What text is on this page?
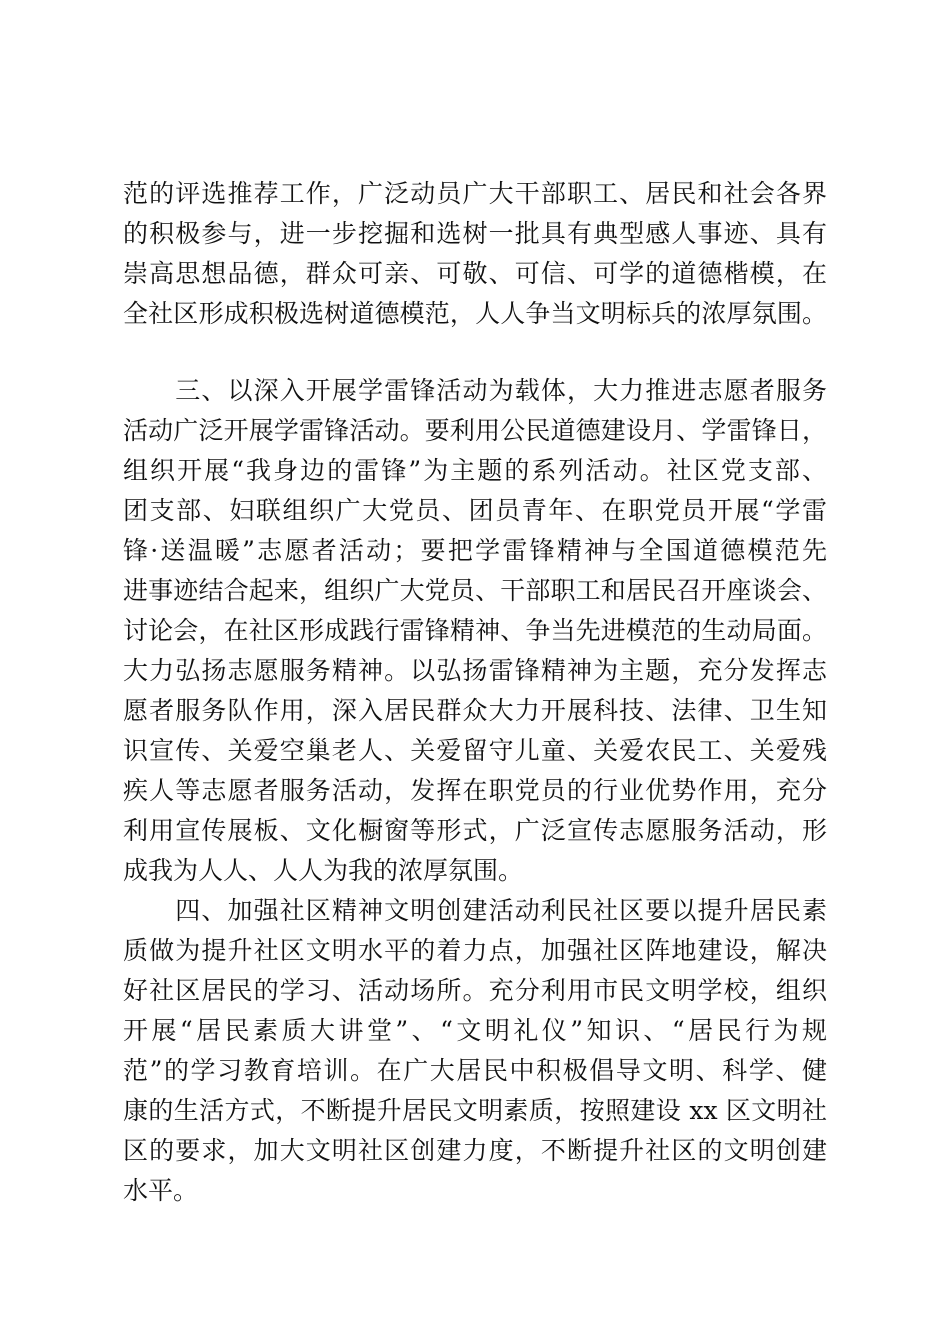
范的评选推荐工作，广泛动员广大干部职工、居民和社会各界
的积极参与，进一步挖掘和选树一批具有典型感人事迹、具有
崇高思想品德，群众可亲、可敬、可信、可学的道德楷模，在
全社区形成积极选树道德模范，人人争当文明标兵的浓厚氛围。
　　三、以深入开展学雷锋活动为载体，大力推进志愿者服务
活动广泛开展学雷锋活动。要利用公民道德建设月、学雷锋日，
组织开展“我身边的雷锋”为主题的系列活动。社区党支部、
团支部、妇联组织广大党员、团员青年、在职党员开展“学雷
锋·送温暖”志愿者活动；要把学雷锋精神与全国道德模范先
进事迹结合起来，组织广大党员、干部职工和居民召开座谈会、
讨论会，在社区形成践行雷锋精神、争当先进模范的生动局面。
大力弘扬志愿服务精神。以弘扬雷锋精神为主题，充分发挥志
愿者服务队作用，深入居民群众大力开展科技、法律、卫生知
识宣传、关爱空巢老人、关爱留守儿童、关爱农民工、关爱残
疾人等志愿者服务活动，发挥在职党员的行业优势作用，充分
利用宣传展板、文化橱窗等形式，广泛宣传志愿服务活动，形
成我为人人、人人为我的浓厚氛围。
　　四、加强社区精神文明创建活动利民社区要以提升居民素
质做为提升社区文明水平的着力点，加强社区阵地建设，解决
好社区居民的学习、活动场所。充分利用市民文明学校，组织
开展“居民素质大讲堂”、“文明礼仪”知识、“居民行为规
范”的学习教育培训。在广大居民中积极倡导文明、科学、健
康的生活方式，不断提升居民文明素质，按照建设 xx 区文明社
区的要求，加大文明社区创建力度，不断提升社区的文明创建
水平。
